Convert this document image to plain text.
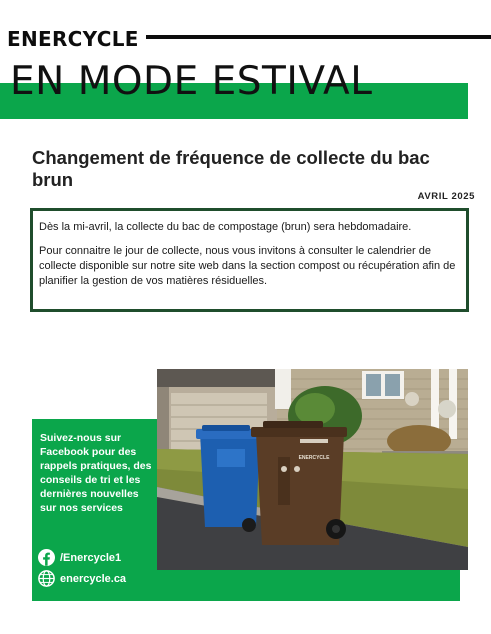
ENERCYCLE
EN MODE ESTIVAL
Changement de fréquence de collecte du bac brun
AVRIL 2025

Dès la mi-avril, la collecte du bac de compostage (brun) sera hebdomadaire.

Pour connaitre le jour de collecte, nous vous invitons à consulter le calendrier de collecte disponible sur notre site web dans la section compost ou récupération afin de planifier la gestion de vos matières résiduelles.

ENERCYCLE

Suivez-nous sur Facebook pour des rappels pratiques, des conseils de tri et les dernières nouvelles sur nos services

/Enercycle1
enercycle.ca
